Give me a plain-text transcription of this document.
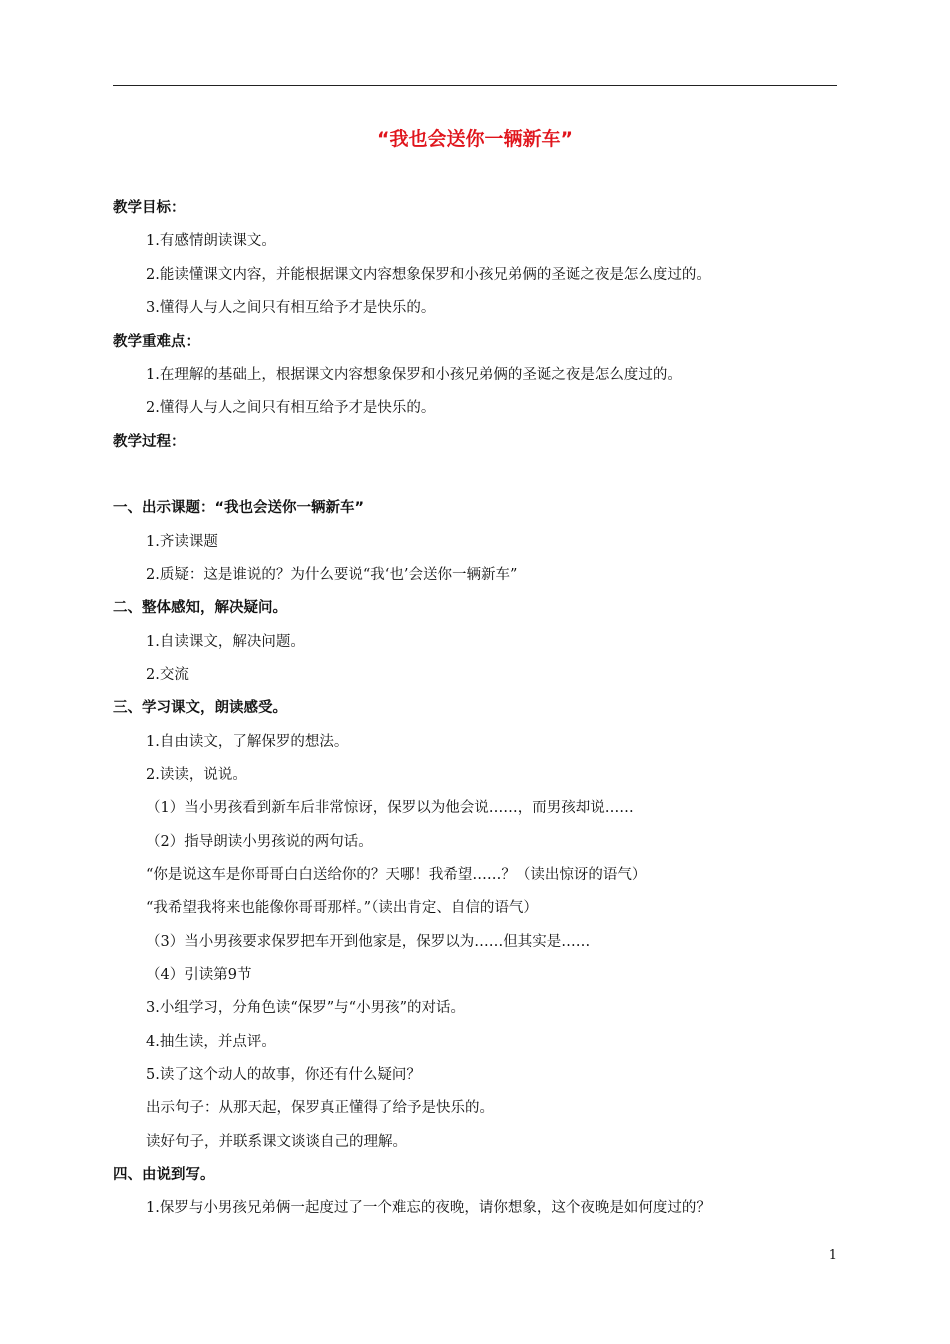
“我也会送你一辆新车”
教学目标：
1.有感情朗读课文。
2.能读懂课文内容，并能根据课文内容想象保罗和小孩兄弟俩的圣诞之夜是怎么度过的。
3.懂得人与人之间只有相互给予才是快乐的。
教学重难点：
1.在理解的基础上，根据课文内容想象保罗和小孩兄弟俩的圣诞之夜是怎么度过的。
2.懂得人与人之间只有相互给予才是快乐的。
教学过程：
一、出示课题：“我也会送你一辆新车”
1.齐读课题
2.质疑：这是谁说的？为什么要说“我‘也’会送你一辆新车”
二、整体感知，解决疑问。
1.自读课文，解决问题。
2.交流
三、学习课文，朗读感受。
1.自由读文，了解保罗的想法。
2.读读，说说。
（1）当小男孩看到新车后非常惊讶，保罗以为他会说……，而男孩却说……
（2）指导朗读小男孩说的两句话。
“你是说这车是你哥哥白白送给你的？天哪！我希望……？（读出惊讶的语气）
“我希望我将来也能像你哥哥那样。”（读出肯定、自信的语气）
（3）当小男孩要求保罗把车开到他家是，保罗以为……但其实是……
（4）引读第9节
3.小组学习，分角色读“保罗”与“小男孩”的对话。
4.抽生读，并点评。
5.读了这个动人的故事，你还有什么疑问？
出示句子：从那天起，保罗真正懂得了给予是快乐的。
读好句子，并联系课文谈谈自己的理解。
四、由说到写。
1.保罗与小男孩兄弟俩一起度过了一个难忘的夜晚，请你想象，这个夜晚是如何度过的？
1
